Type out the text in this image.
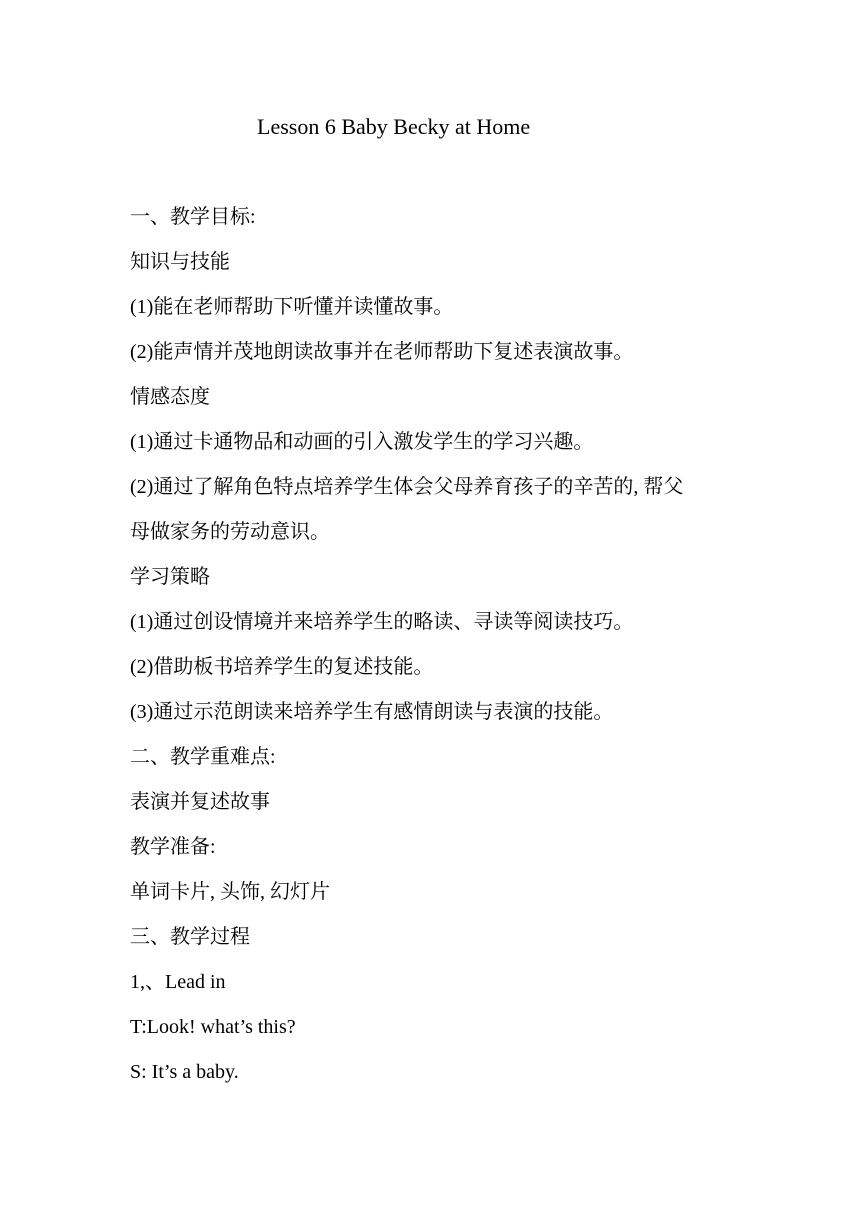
Lesson 6 Baby Becky at Home
一、教学目标:
知识与技能
(1)能在老师帮助下听懂并读懂故事。
(2)能声情并茂地朗读故事并在老师帮助下复述表演故事。
情感态度
(1)通过卡通物品和动画的引入激发学生的学习兴趣。
(2)通过了解角色特点培养学生体会父母养育孩子的辛苦的, 帮父
母做家务的劳动意识。
学习策略
(1)通过创设情境并来培养学生的略读、寻读等阅读技巧。
(2)借助板书培养学生的复述技能。
(3)通过示范朗读来培养学生有感情朗读与表演的技能。
二、教学重难点:
表演并复述故事
教学准备:
单词卡片, 头饰, 幻灯片
三、教学过程
1,、Lead in
T:Look! what’s this?
S: It’s a baby.
